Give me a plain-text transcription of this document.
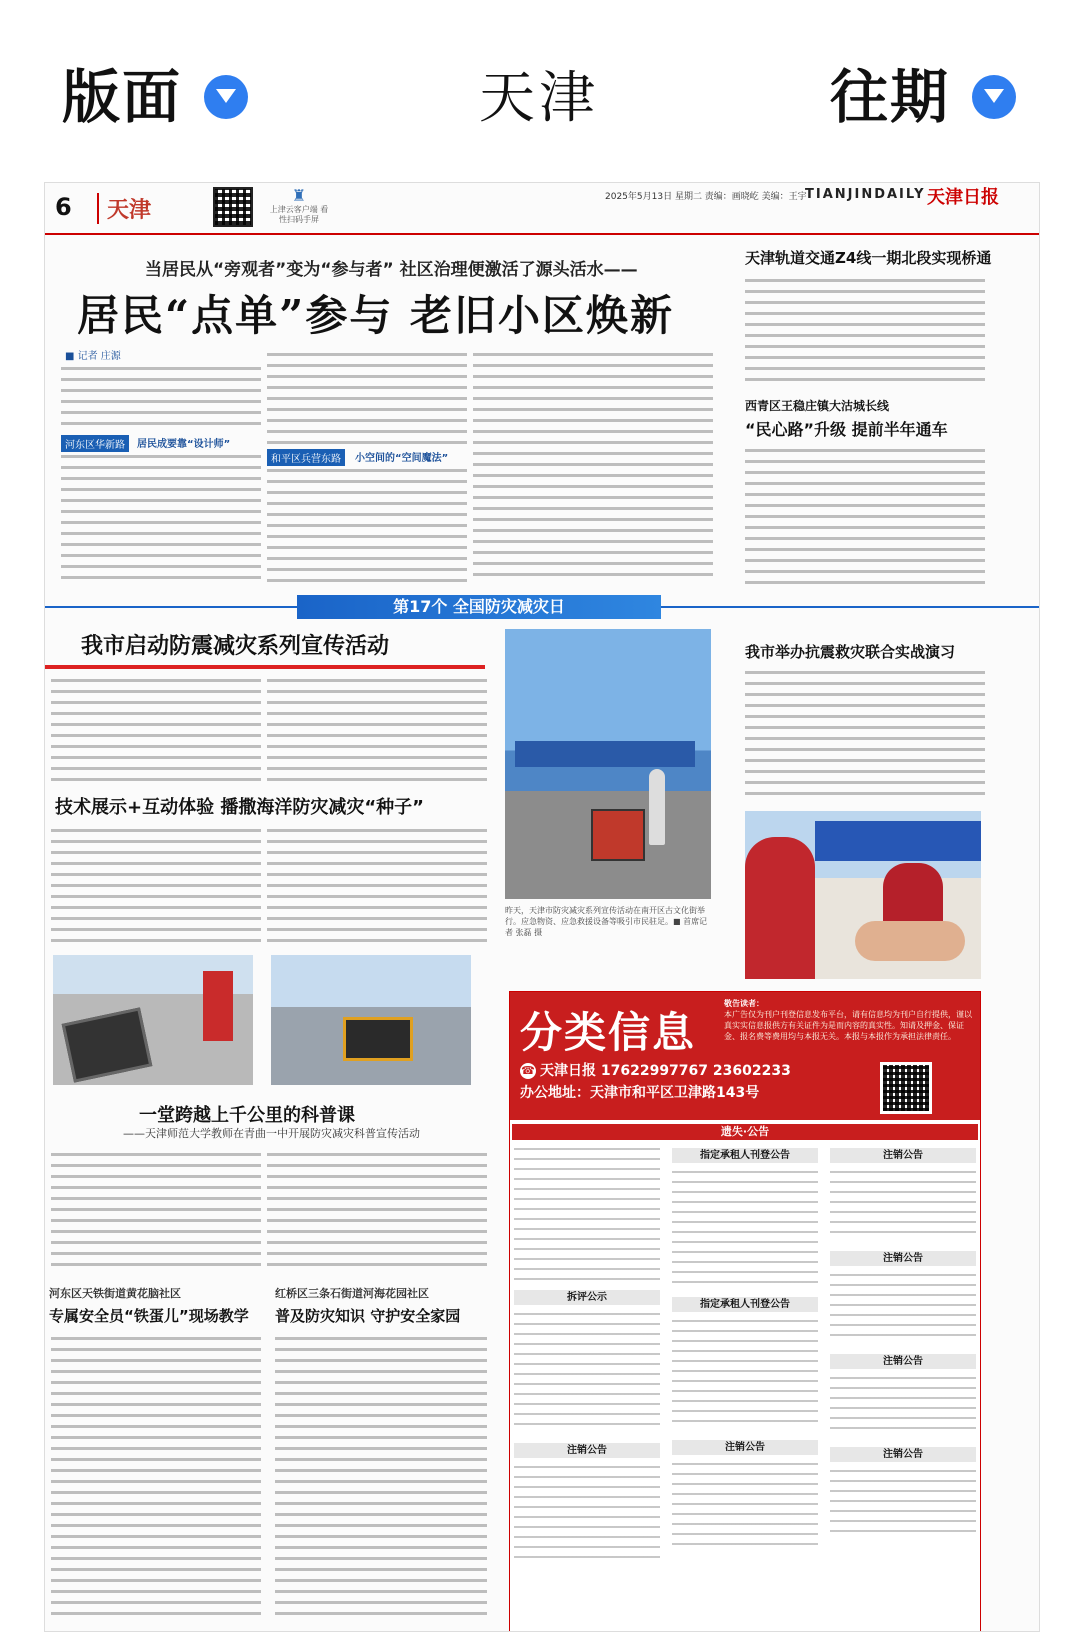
版面	天津	往期
6	天津
♜
上津云客户端 看性扫码手屏
2025年5月13日 星期二 责编：画晓屹 美编：王宇
TIANJINDAILY 天津日报
当居民从“旁观者”变为“参与者” 社区治理便激活了源头活水——
居民“点单”参与 老旧小区焕新
■ 记者 庄源
河东区华新路	居民成要靠“设计师”
和平区兵营东路	小空间的“空间魔法”
天津轨道交通Z4线一期北段实现桥通
西青区王稳庄镇大沽城长线
“民心路”升级 提前半年通车
第17个 全国防灾减灾日
我市启动防震减灾系列宣传活动
昨天，天津市防灾减灾系列宣传活动在南开区古文化街举行。应急物资、应急救援设备等吸引市民驻足。■ 首席记者 张磊 摄
我市举办抗震救灾联合实战演习
技术展示+互动体验 播撒海洋防灾减灾“种子”
一堂跨越上千公里的科普课
——天津师范大学教师在青曲一中开展防灾减灾科普宣传活动
河东区天铁街道黄花脑社区
专属安全员“铁蛋儿”现场教学
红桥区三条石街道河海花园社区
普及防灾知识 守护安全家园
分类信息
敬告读者：
本广告仅为刊户刊登信息发布平台，请有信息均为刊户自行提供，谨以真实实信息报供方有关证件为是而内容的真实性。知请及押金、保证金、报名费等费用均与本报无关。本报与本报作为承担法律责任。
☎ 天津日报 17622997767 23602233
办公地址：天津市和平区卫津路143号
遗失·公告
拆评公示
注销公告
指定承租人刊登公告
指定承租人刊登公告
注销公告
注销公告
注销公告
注销公告
注销公告
